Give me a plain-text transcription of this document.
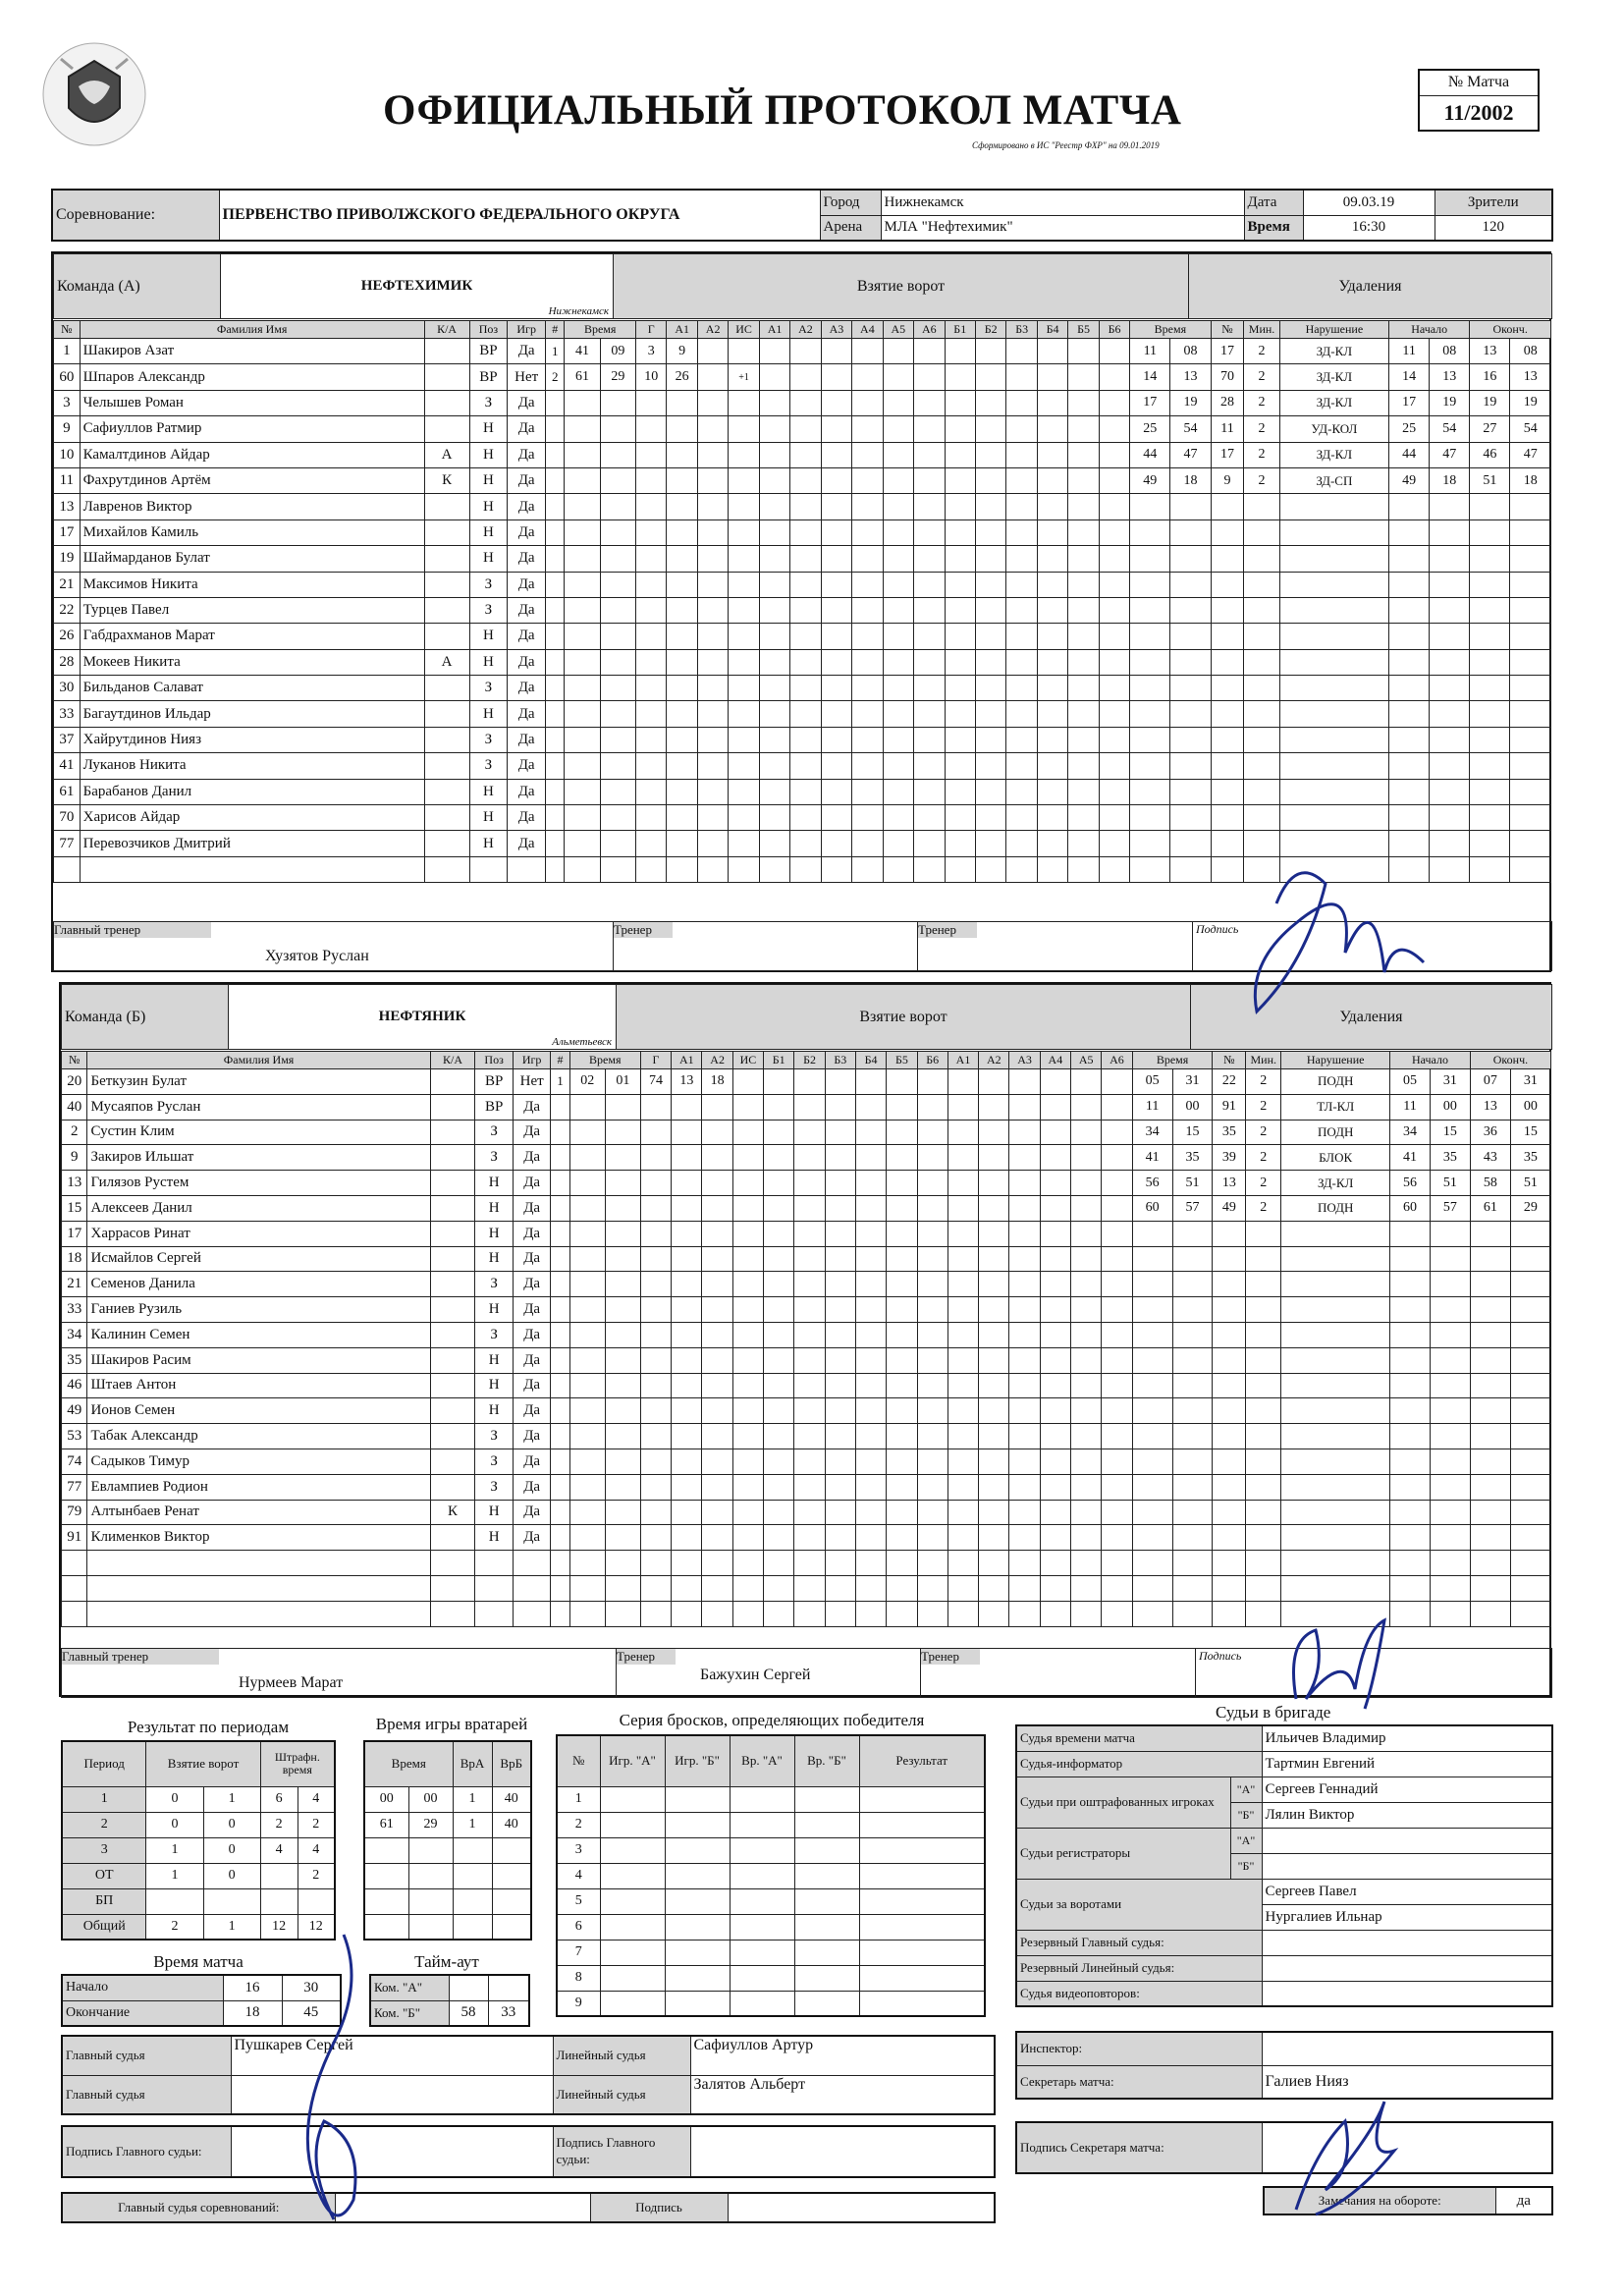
ОФИЦИАЛЬНЫЙ ПРОТОКОЛ МАТЧА
Сформировано в ИС "Реестр ФХР" на 09.01.2019
№ Матча
11/2002
Соревнование:	ПЕРВЕНСТВО ПРИВОЛЖСКОГО ФЕДЕРАЛЬНОГО ОКРУГА	Город	Нижнекамск	Дата	09.03.19	Зрители
		Арена	МЛА "Нефтехимик"	Время	16:30	120
Команда (А)	НЕФТЕХИМИК
Нижнекамск
	Взятие ворот	Удаления
№	Фамилия Имя	К/А	Поз	Игр	#	Время		Г	А1	А2	ИС	А1	А2	А3	А4	А5	А6	Б1	Б2	Б3	Б4	Б5	Б6	Время		№	Мин.	Нарушение	Начало		Оконч.	
1	Шакиров Азат		ВР	Да	1	41	09	3	9															11	08	17	2	ЗД-КЛ	11	08	13	08
60	Шпаров Александр		ВР	Нет	2	61	29	10	26		+1													14	13	70	2	ЗД-КЛ	14	13	16	13
3	Челышев Роман		З	Да																				17	19	28	2	ЗД-КЛ	17	19	19	19
9	Сафиуллов Ратмир		Н	Да																				25	54	11	2	УД-КОЛ	25	54	27	54
10	Камалтдинов Айдар	А	Н	Да																				44	47	17	2	ЗД-КЛ	44	47	46	47
11	Фахрутдинов Артём	К	Н	Да																				49	18	9	2	ЗД-СП	49	18	51	18
13	Лавренов Виктор		Н	Да																												
17	Михайлов Камиль		Н	Да																												
19	Шаймарданов Булат		Н	Да																												
21	Максимов Никита		З	Да																												
22	Турцев Павел		З	Да																												
26	Габдрахманов Марат		Н	Да																												
28	Мокеев Никита	А	Н	Да																												
30	Бильданов Салават		З	Да																												
33	Багаутдинов Ильдар		Н	Да																												
37	Хайрутдинов Нияз		З	Да																												
41	Луканов Никита		З	Да																												
61	Барабанов Данил		Н	Да																												
70	Харисов Айдар		Н	Да																												
77	Перевозчиков Дмитрий		Н	Да																												

Главный тренер
Хузятов Руслан

Тренер	Тренер	Подпись
Команда (Б)	НЕФТЯНИК
Альметьевск
	Взятие ворот	Удаления
№	Фамилия Имя	К/А	Поз	Игр	#	Время		Г	А1	А2	ИС	Б1	Б2	Б3	Б4	Б5	Б6	А1	А2	А3	А4	А5	А6	Время		№	Мин.	Нарушение	Начало		Оконч.	
20	Беткузин Булат		ВР	Нет	1	02	01	74	13	18														05	31	22	2	ПОДН	05	31	07	31
40	Мусаяпов Руслан		ВР	Да																				11	00	91	2	ТЛ-КЛ	11	00	13	00
2	Сустин Клим		З	Да																				34	15	35	2	ПОДН	34	15	36	15
9	Закиров Ильшат		З	Да																				41	35	39	2	БЛОК	41	35	43	35
13	Гилязов Рустем		Н	Да																				56	51	13	2	ЗД-КЛ	56	51	58	51
15	Алексеев Данил		Н	Да																				60	57	49	2	ПОДН	60	57	61	29
17	Харрасов Ринат		Н	Да																												
18	Исмайлов Сергей		Н	Да																												
21	Семенов Данила		З	Да																												
33	Ганиев Рузиль		Н	Да																												
34	Калинин Семен		З	Да																												
35	Шакиров Расим		Н	Да																												
46	Штаев Антон		Н	Да																												
49	Ионов Семен		Н	Да																												
53	Табак Александр		З	Да																												
74	Садыков Тимур		З	Да																												
77	Евлампиев Родион		З	Да																												
79	Алтынбаев Ренат	К	Н	Да																												
91	Клименков Виктор		Н	Да																												

Главный тренер
Нурмеев Марат

Тренер
Бажухин Сергей

Тренер	Подпись
Результат по периодам
Период	Взятие ворот		Штрафн. время	
1	0	1	6	4
2	0	0	2	2
3	1	0	4	4
ОТ	1	0		2
БП				
Общий	2	1	12	12
Время матча
Начало	16	30
Окончание	18	45
Время игры вратарей
Время		ВрА	ВрБ
00	00	1	40
61	29	1	40

Тайм-аут
Ком. "А"		
Ком. "Б"	58	33
Серия бросков, определяющих победителя
№	Игр. "А"	Игр. "Б"	Вр. "А"	Вр. "Б"	Результат
1					
2					
3					
4					
5					
6					
7					
8					
9					
Судьи в бригаде
Судья времени матча		Ильичев Владимир
Судья-информатор		Тартмин Евгений
Судьи при оштрафованных игроках	"А"	Сергеев Геннадий
	"Б"	Лялин Виктор
Судьи регистраторы	"А"	
	"Б"	
Судьи за воротами		Сергеев Павел
		Нургалиев Ильнар
Резервный Главный судья:		
Резервный Линейный судья:		
Судья видеоповторов:		
Главный судья	Пушкарев Сергей	Линейный судья	Сафиуллов Артур
Главный судья		Линейный судья	Залятов Альберт
Подпись Главного судьи:		Подпись Главного судьи:	
Главный судья соревнований:		Подпись	
Инспектор:	
Секретарь матча:	Галиев Нияз
Подпись Секретаря матча:	
Замечания на обороте:	да
